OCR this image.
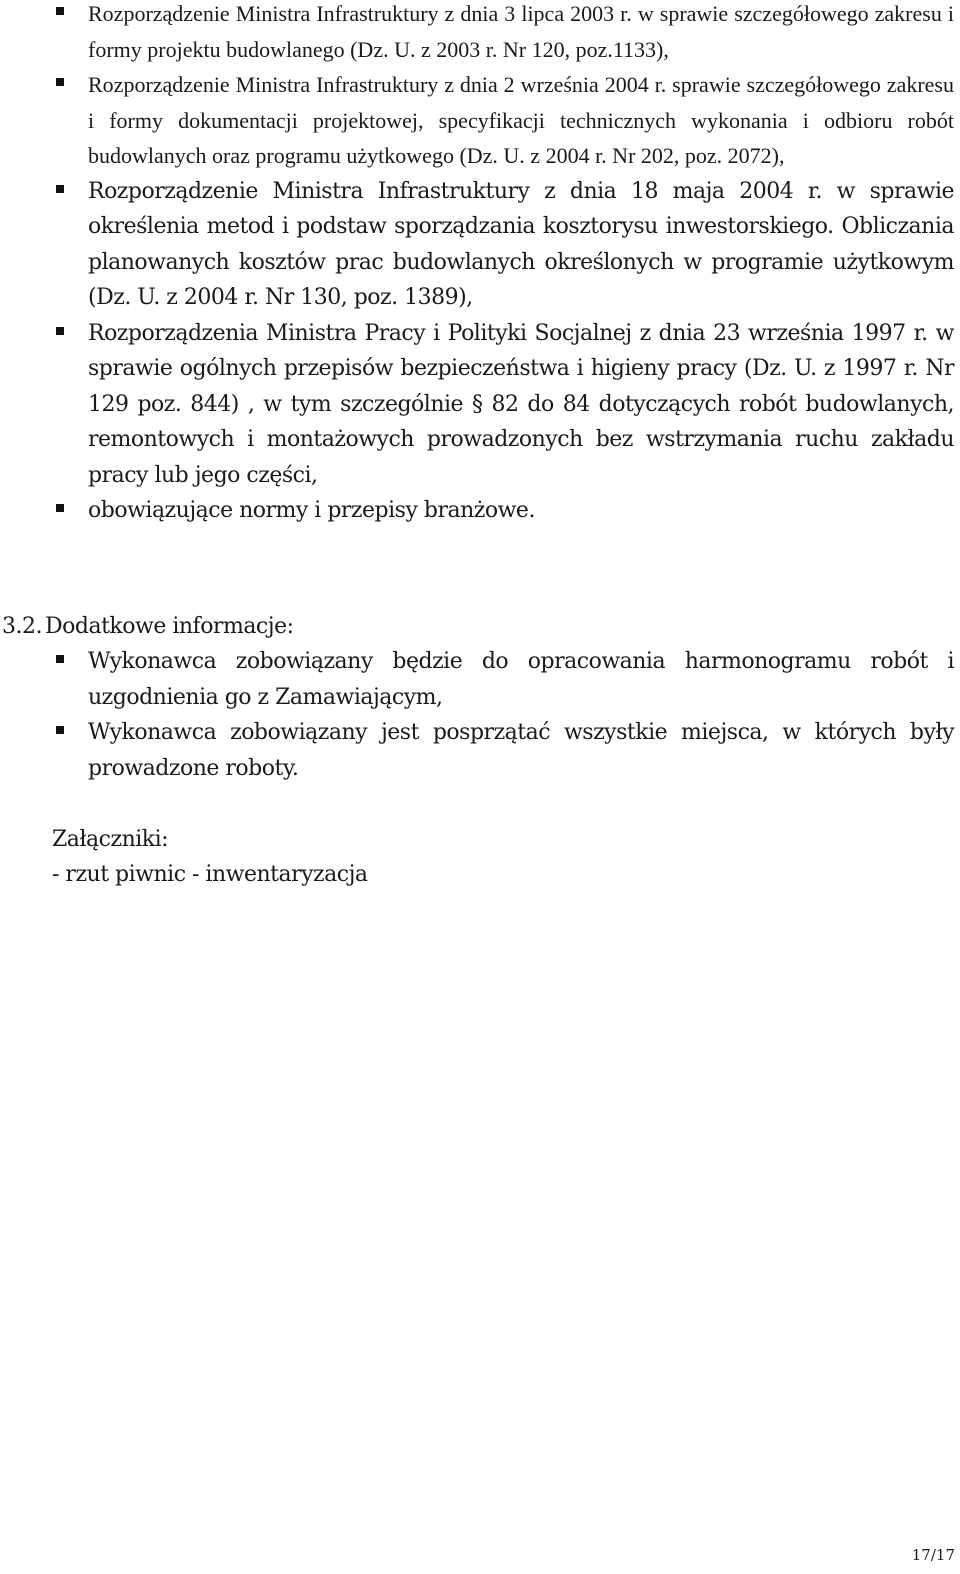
Rozporządzenie Ministra Infrastruktury z dnia 3 lipca 2003 r. w sprawie szczegółowego zakresu i formy projektu budowlanego (Dz. U. z 2003 r. Nr 120, poz.1133),
Rozporządzenie Ministra Infrastruktury z dnia 2 września 2004 r. sprawie szczegółowego zakresu i formy dokumentacji projektowej, specyfikacji technicznych wykonania i odbioru robót budowlanych oraz programu użytkowego (Dz. U. z 2004 r. Nr 202, poz. 2072),
Rozporządzenie Ministra Infrastruktury z dnia 18 maja 2004 r. w sprawie określenia metod i podstaw sporządzania kosztorysu inwestorskiego. Obliczania planowanych kosztów prac budowlanych określonych w programie użytkowym (Dz. U. z 2004 r. Nr 130, poz. 1389),
Rozporządzenia Ministra Pracy i Polityki Socjalnej z dnia 23 września 1997 r. w sprawie ogólnych przepisów bezpieczeństwa i higieny pracy (Dz. U. z 1997 r. Nr 129 poz. 844) , w tym szczególnie § 82 do 84 dotyczących robót budowlanych, remontowych i montażowych prowadzonych bez wstrzymania ruchu zakładu pracy lub jego części,
obowiązujące normy i przepisy branżowe.
3.2. Dodatkowe informacje:
Wykonawca zobowiązany będzie do opracowania harmonogramu robót i uzgodnienia go z Zamawiającym,
Wykonawca zobowiązany jest posprzątać wszystkie miejsca, w których były prowadzone roboty.
Załączniki:
- rzut piwnic - inwentaryzacja
17/17
